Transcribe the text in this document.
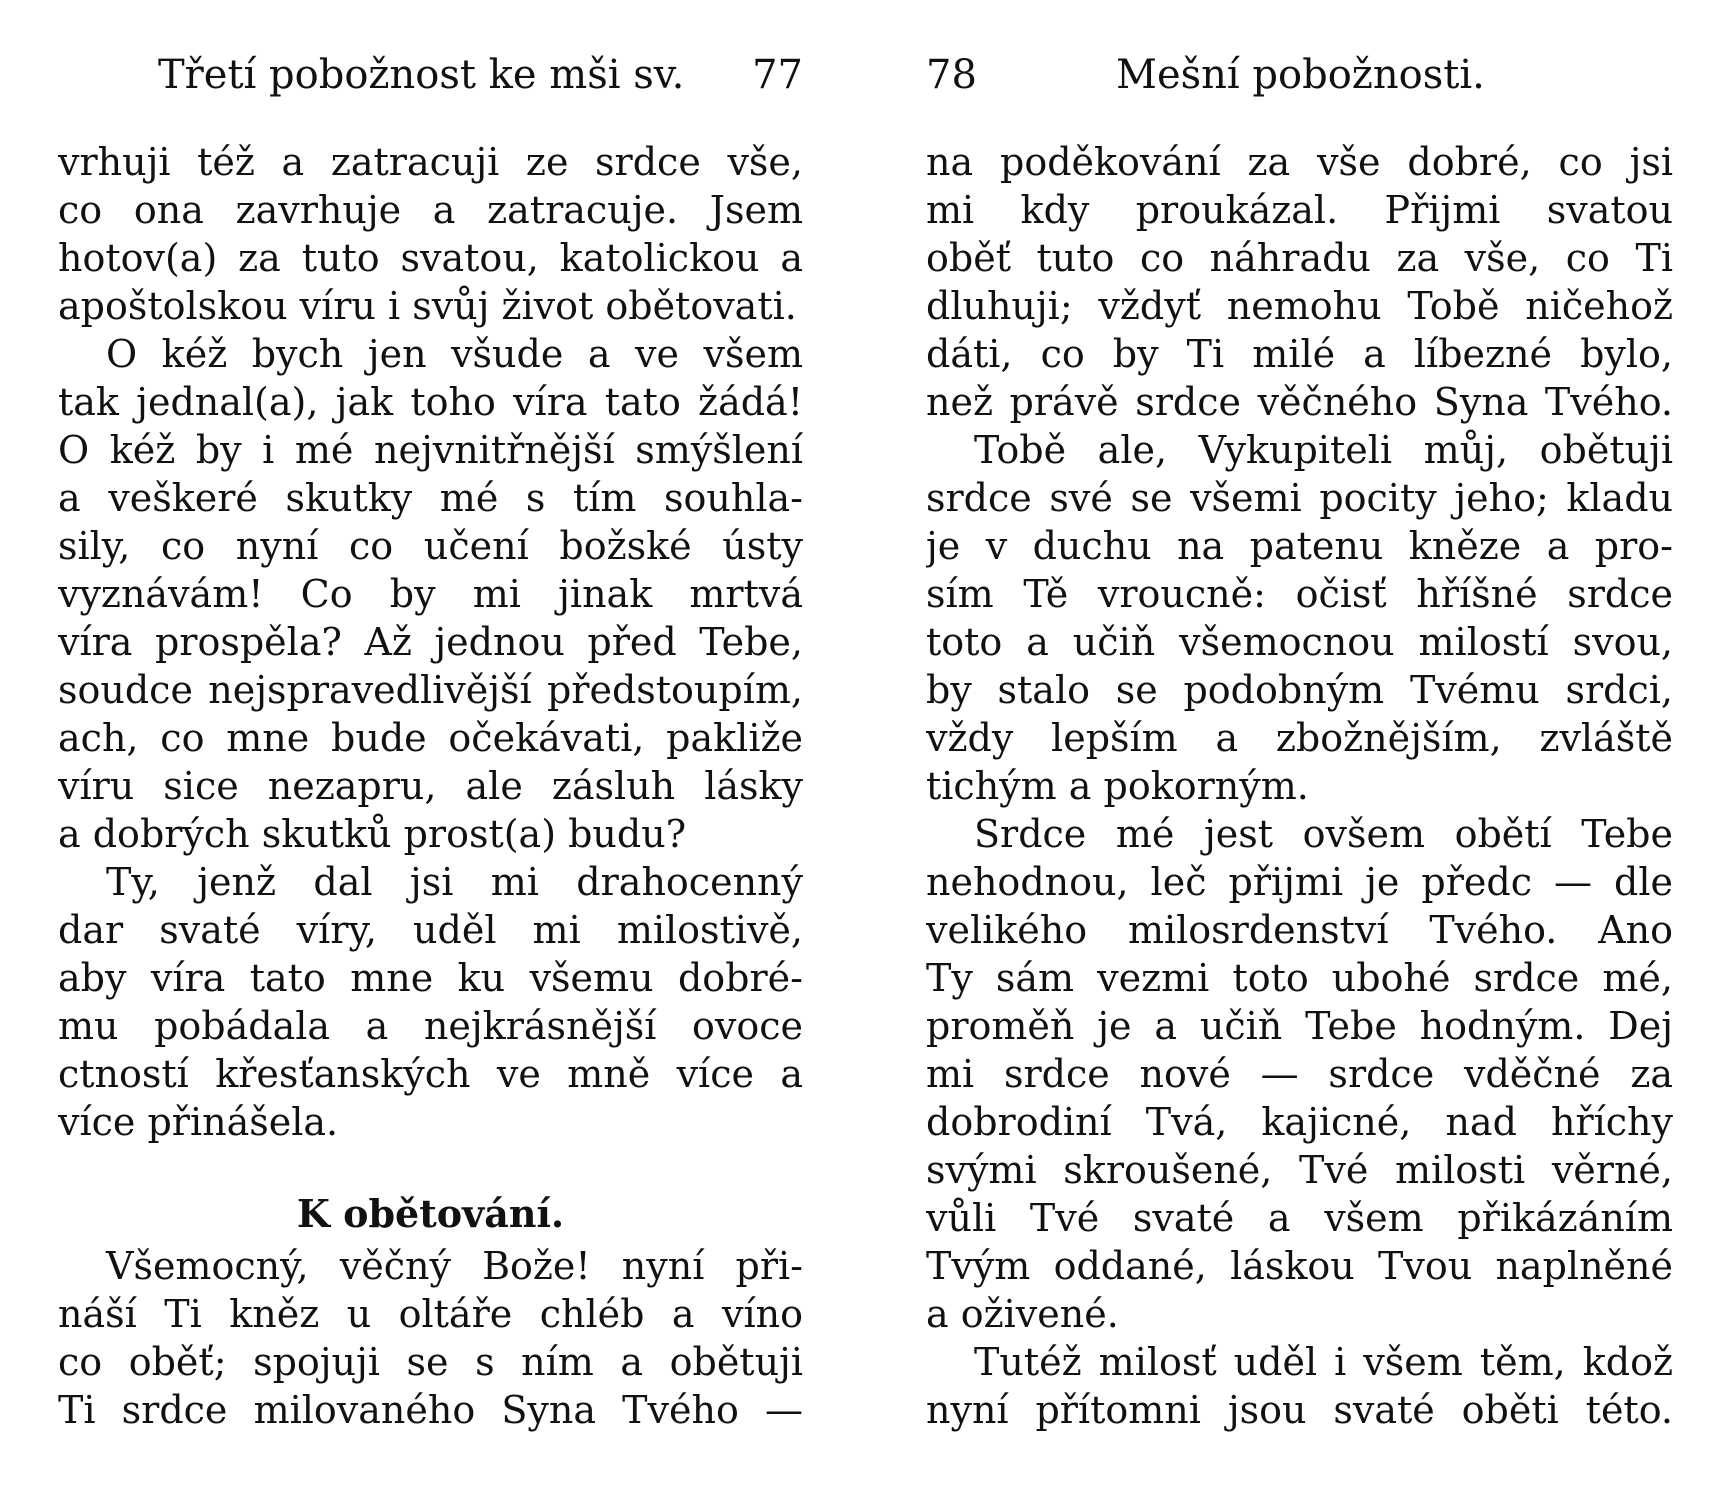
Třetí pobožnost ke mši sv. 77
vrhuji též a zatracuji ze srdce vše,
co ona zavrhuje a zatracuje. Jsem
hotov(a) za tuto svatou, katolickou a
apoštolskou víru i svůj život obětovati.
O kéž bych jen všude a ve všem
tak jednal(a), jak toho víra tato žádá!
O kéž by i mé nejvnitřnější smýšlení
a veškeré skutky mé s tím souhla-
sily, co nyní co učení božské ústy
vyznávám! Co by mi jinak mrtvá
víra prospěla? Až jednou před Tebe,
soudce nejspravedlivější předstoupím,
ach, co mne bude očekávati, pakliže
víru sice nezapru, ale zásluh lásky
a dobrých skutků prost(a) budu?
Ty, jenž dal jsi mi drahocenný
dar svaté víry, uděl mi milostivě,
aby víra tato mne ku všemu dobré-
mu pobádala a nejkrásnější ovoce
ctností křesťanských ve mně více a
více přinášela.
K obětování.
Všemocný, věčný Bože! nyní při-
náší Ti kněz u oltáře chléb a víno
co oběť; spojuji se s ním a obětuji
Ti srdce milovaného Syna Tvého —
78	Mešní pobožnosti.
na poděkování za vše dobré, co jsi
mi kdy proukázal. Přijmi svatou
oběť tuto co náhradu za vše, co Ti
dluhuji; vždyť nemohu Tobě ničehož
dáti, co by Ti milé a líbezné bylo,
než právě srdce věčného Syna Tvého.
Tobě ale, Vykupiteli můj, obětuji
srdce své se všemi pocity jeho; kladu
je v duchu na patenu kněze a pro-
sím Tě vroucně: očisť hříšné srdce
toto a učiň všemocnou milostí svou,
by stalo se podobným Tvému srdci,
vždy lepším a zbožnějším, zvláště
tichým a pokorným.
Srdce mé jest ovšem obětí Tebe
nehodnou, leč přijmi je předc — dle
velikého milosrdenství Tvého. Ano
Ty sám vezmi toto ubohé srdce mé,
proměň je a učiň Tebe hodným. Dej
mi srdce nové — srdce vděčné za
dobrodiní Tvá, kajicné, nad hříchy
svými skroušené, Tvé milosti věrné,
vůli Tvé svaté a všem přikázáním
Tvým oddané, láskou Tvou naplněné
a oživené.
Tutéž milosť uděl i všem těm, kdož
nyní přítomni jsou svaté oběti této.
